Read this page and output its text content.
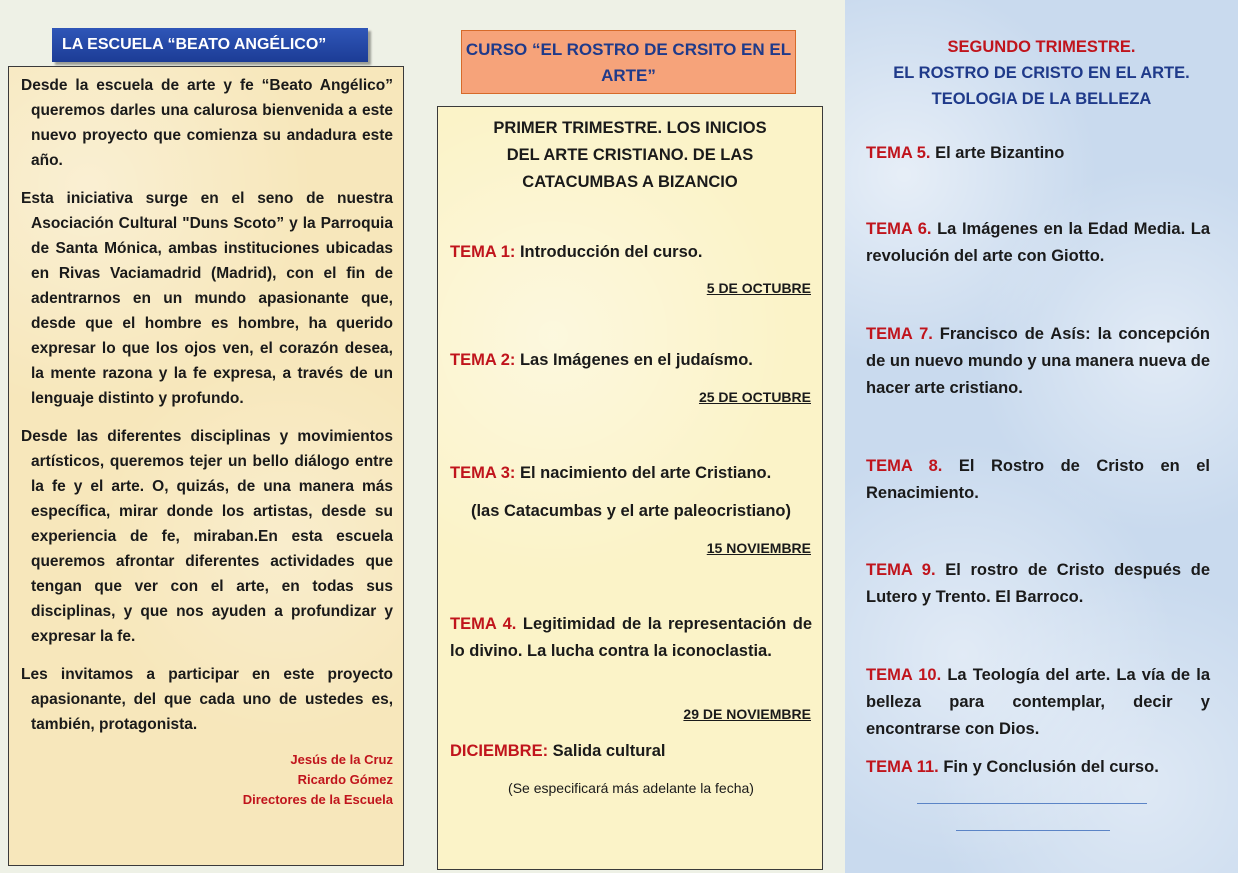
LA ESCUELA “BEATO ANGÉLICO”

Desde la escuela de arte y fe “Beato Angélico” queremos darles una calurosa bienvenida a este nuevo proyecto que comienza su andadura este año.

Esta iniciativa surge en el seno de nuestra Asociación Cultural "Duns Scoto” y la Parroquia de Santa Mónica, ambas instituciones ubicadas en Rivas Vaciamadrid (Madrid), con el fin de adentrarnos en un mundo apasionante que, desde que el hombre es hombre, ha querido expresar lo que los ojos ven, el corazón desea, la mente razona y la fe expresa, a través de un lenguaje distinto y profundo.

Desde las diferentes disciplinas y movimientos artísticos, queremos tejer un bello diálogo entre la fe y el arte. O, quizás, de una manera más específica, mirar donde los artistas, desde su experiencia de fe, miraban.En esta escuela queremos afrontar diferentes actividades que tengan que ver con el arte, en todas sus disciplinas, y que nos ayuden a profundizar y expresar la fe.

Les invitamos a participar en este proyecto apasionante, del que cada uno de ustedes es, también, protagonista.

Jesús de la Cruz
Ricardo Gómez
Directores de la Escuela
CURSO “EL ROSTRO DE CRSITO EN EL ARTE”
PRIMER TRIMESTRE. LOS INICIOS DEL ARTE CRISTIANO. DE LAS CATACUMBAS A BIZANCIO
TEMA 1: Introducción del curso.
5 DE OCTUBRE
TEMA 2: Las Imágenes en el judaísmo.
25 DE OCTUBRE
TEMA 3: El nacimiento del arte Cristiano.
(las Catacumbas y el arte paleocristiano)
15 NOVIEMBRE
TEMA 4. Legitimidad de la representación de lo divino. La lucha contra la iconoclastia.
29 DE NOVIEMBRE
DICIEMBRE: Salida cultural
(Se especificará más adelante la fecha)
SEGUNDO TRIMESTRE.
EL ROSTRO DE CRISTO EN EL ARTE.
TEOLOGIA DE LA BELLEZA
TEMA 5. El arte Bizantino
TEMA 6. La Imágenes en la Edad Media. La revolución del arte con Giotto.
TEMA 7. Francisco de Asís: la concepción de un nuevo mundo y una manera nueva de hacer arte cristiano.
TEMA 8. El Rostro de Cristo en el Renacimiento.
TEMA 9. El rostro de Cristo después de Lutero y Trento. El Barroco.
TEMA 10. La Teología del arte. La vía de la belleza para contemplar, decir y encontrarse con Dios.
TEMA 11. Fin y Conclusión del curso.
